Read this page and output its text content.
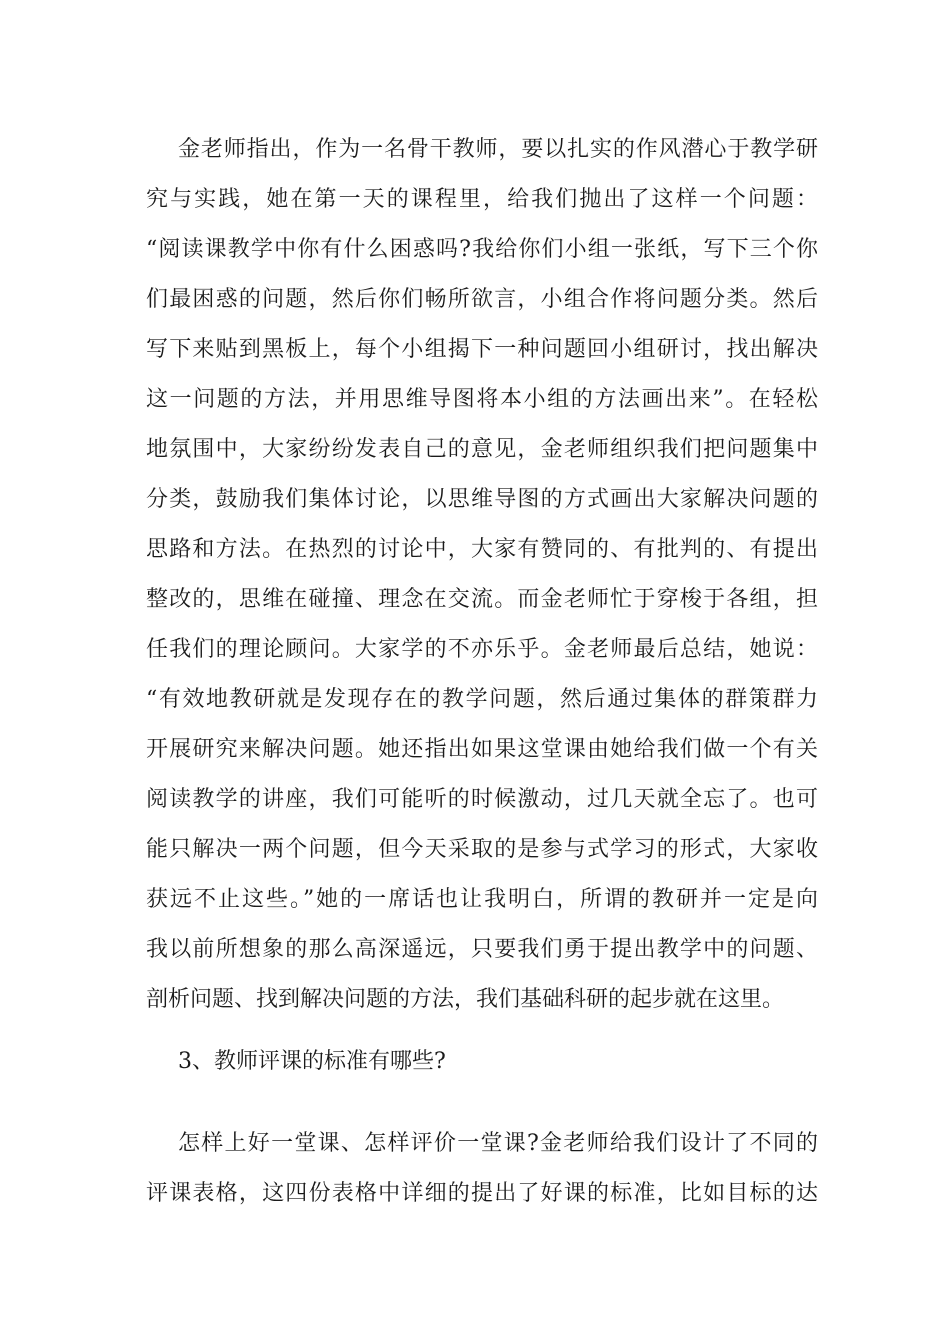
金老师指出，作为一名骨干教师，要以扎实的作风潜心于教学研
究与实践，她在第一天的课程里，给我们抛出了这样一个问题：
“阅读课教学中你有什么困惑吗?我给你们小组一张纸，写下三个你
们最困惑的问题，然后你们畅所欲言，小组合作将问题分类。然后
写下来贴到黑板上，每个小组揭下一种问题回小组研讨，找出解决
这一问题的方法，并用思维导图将本小组的方法画出来”。在轻松
地氛围中，大家纷纷发表自己的意见，金老师组织我们把问题集中
分类，鼓励我们集体讨论，以思维导图的方式画出大家解决问题的
思路和方法。在热烈的讨论中，大家有赞同的、有批判的、有提出
整改的，思维在碰撞、理念在交流。而金老师忙于穿梭于各组，担
任我们的理论顾问。大家学的不亦乐乎。金老师最后总结，她说：
“有效地教研就是发现存在的教学问题，然后通过集体的群策群力
开展研究来解决问题。她还指出如果这堂课由她给我们做一个有关
阅读教学的讲座，我们可能听的时候激动，过几天就全忘了。也可
能只解决一两个问题，但今天采取的是参与式学习的形式，大家收
获远不止这些。”她的一席话也让我明白，所谓的教研并一定是向
我以前所想象的那么高深遥远，只要我们勇于提出教学中的问题、
剖析问题、找到解决问题的方法，我们基础科研的起步就在这里。
3、教师评课的标准有哪些?
怎样上好一堂课、怎样评价一堂课?金老师给我们设计了不同的
评课表格，这四份表格中详细的提出了好课的标准，比如目标的达
